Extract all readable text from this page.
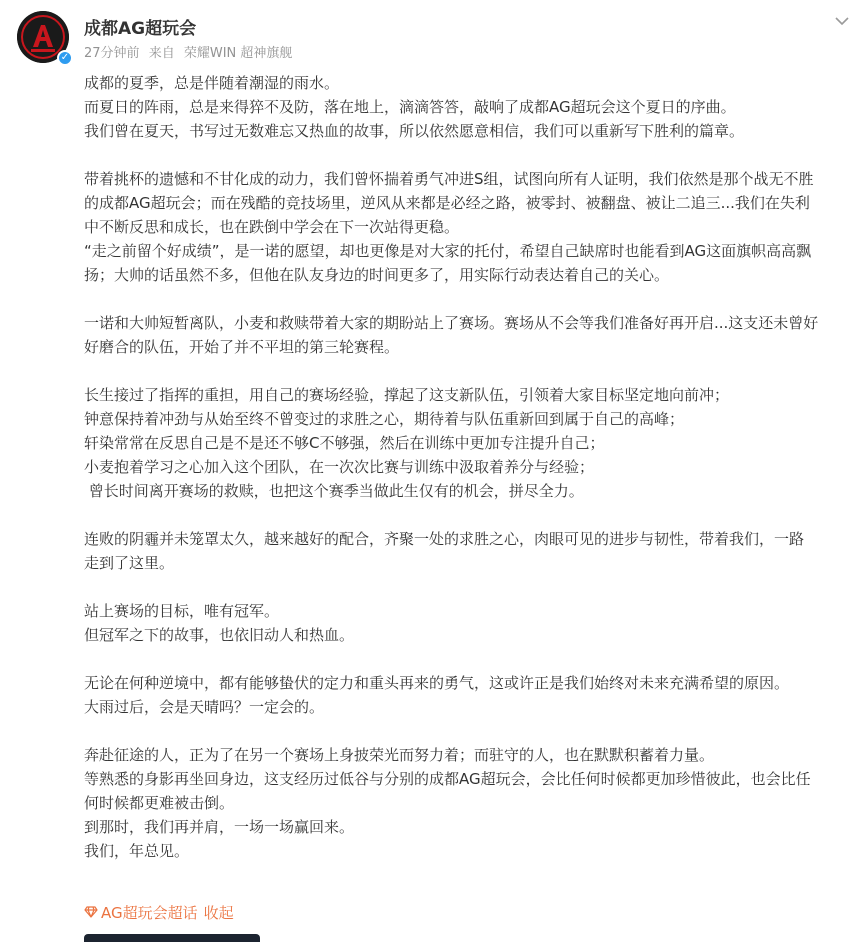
✓
成都AG超玩会
27分钟前 来自 荣耀WIN 超神旗舰

成都的夏季，总是伴随着潮湿的雨水。
而夏日的阵雨，总是来得猝不及防，落在地上，滴滴答答，敲响了成都AG超玩会这个夏日的序曲。
我们曾在夏天，书写过无数难忘又热血的故事，所以依然愿意相信，我们可以重新写下胜利的篇章。

带着挑杯的遗憾和不甘化成的动力，我们曾怀揣着勇气冲进S组，试图向所有人证明，我们依然是那个战无不胜
的成都AG超玩会；而在残酷的竞技场里，逆风从来都是必经之路，被零封、被翻盘、被让二追三...我们在失利
中不断反思和成长，也在跌倒中学会在下一次站得更稳。
“走之前留个好成绩”，是一诺的愿望，却也更像是对大家的托付，希望自己缺席时也能看到AG这面旗帜高高飘
扬；大帅的话虽然不多，但他在队友身边的时间更多了，用实际行动表达着自己的关心。

一诺和大帅短暂离队，小麦和救赎带着大家的期盼站上了赛场。赛场从不会等我们准备好再开启...这支还未曾好
好磨合的队伍，开始了并不平坦的第三轮赛程。

长生接过了指挥的重担，用自己的赛场经验，撑起了这支新队伍，引领着大家目标坚定地向前冲；
钟意保持着冲劲与从始至终不曾变过的求胜之心，期待着与队伍重新回到属于自己的高峰；
轩染常常在反思自己是不是还不够C不够强，然后在训练中更加专注提升自己；
小麦抱着学习之心加入这个团队，在一次次比赛与训练中汲取着养分与经验；
曾长时间离开赛场的救赎，也把这个赛季当做此生仅有的机会，拼尽全力。

连败的阴霾并未笼罩太久，越来越好的配合，齐聚一处的求胜之心，肉眼可见的进步与韧性，带着我们，一路
走到了这里。

站上赛场的目标，唯有冠军。
但冠军之下的故事，也依旧动人和热血。

无论在何种逆境中，都有能够蛰伏的定力和重头再来的勇气，这或许正是我们始终对未来充满希望的原因。
大雨过后，会是天晴吗？一定会的。

奔赴征途的人，正为了在另一个赛场上身披荣光而努力着；而驻守的人，也在默默积蓄着力量。
等熟悉的身影再坐回身边，这支经历过低谷与分别的成都AG超玩会，会比任何时候都更加珍惜彼此，也会比任
何时候都更难被击倒。
到那时，我们再并肩，一场一场赢回来。
我们，年总见。

AG超玩会超话 收起
